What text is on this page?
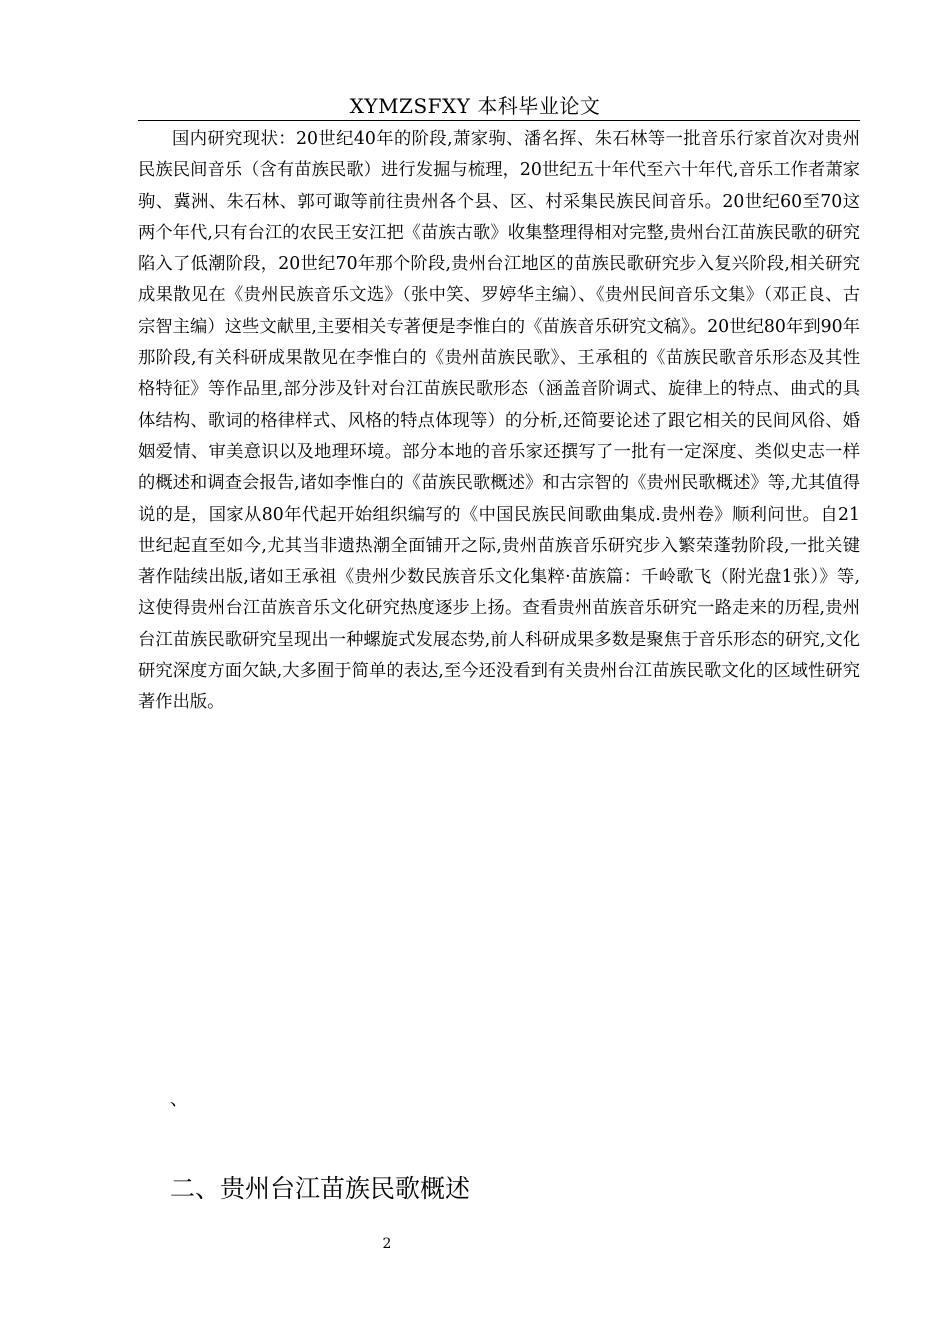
XYMZSFXY 本科毕业论文

国内研究现状：20世纪40年的阶段,萧家驹、潘名挥、朱石林等一批音乐行家首次对贵州民族民间音乐（含有苗族民歌）进行发掘与梳理，20世纪五十年代至六十年代,音乐工作者萧家驹、冀洲、朱石林、郭可诹等前往贵州各个县、区、村采集民族民间音乐。20世纪60至70这两个年代,只有台江的农民王安江把《苗族古歌》收集整理得相对完整,贵州台江苗族民歌的研究陷入了低潮阶段，20世纪70年那个阶段,贵州台江地区的苗族民歌研究步入复兴阶段,相关研究成果散见在《贵州民族音乐文选》（张中笑、罗婷华主编）、《贵州民间音乐文集》（邓正良、古宗智主编）这些文献里,主要相关专著便是李惟白的《苗族音乐研究文稿》。20世纪80年到90年那阶段,有关科研成果散见在李惟白的《贵州苗族民歌》、王承租的《苗族民歌音乐形态及其性格特征》等作品里,部分涉及针对台江苗族民歌形态（涵盖音阶调式、旋律上的特点、曲式的具体结构、歌词的格律样式、风格的特点体现等）的分析,还简要论述了跟它相关的民间风俗、婚姻爱情、审美意识以及地理环境。部分本地的音乐家还撰写了一批有一定深度、类似史志一样的概述和调查会报告,诸如李惟白的《苗族民歌概述》和古宗智的《贵州民歌概述》等,尤其值得说的是，国家从80年代起开始组织编写的《中国民族民间歌曲集成.贵州卷》顺利问世。自21世纪起直至如今,尤其当非遗热潮全面铺开之际,贵州苗族音乐研究步入繁荣蓬勃阶段,一批关键著作陆续出版,诸如王承祖《贵州少数民族音乐文化集粹·苗族篇：千岭歌飞（附光盘1张）》等,这使得贵州台江苗族音乐文化研究热度逐步上扬。查看贵州苗族音乐研究一路走来的历程,贵州台江苗族民歌研究呈现出一种螺旋式发展态势,前人科研成果多数是聚焦于音乐形态的研究,文化研究深度方面欠缺,大多囿于简单的表达,至今还没看到有关贵州台江苗族民歌文化的区域性研究著作出版。

、
二、贵州台江苗族民歌概述
2
